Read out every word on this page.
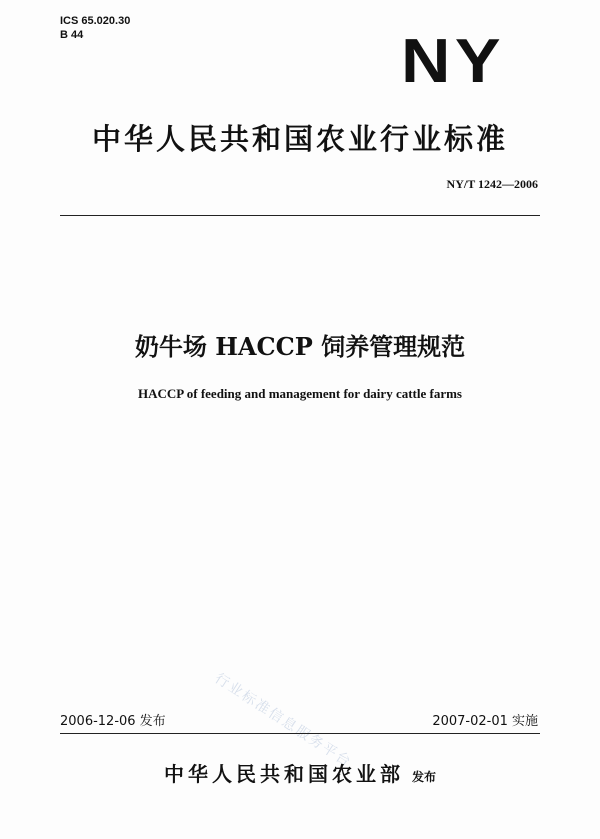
ICS 65.020.30
B 44	NY
中华人民共和国农业行业标准
NY/T 1242—2006
奶牛场 HACCP 饲养管理规范
HACCP of feeding and management for dairy cattle farms
行业标准信息服务平台
2006-12-06 发布	2007-02-01 实施
中华人民共和国农业部 发布
